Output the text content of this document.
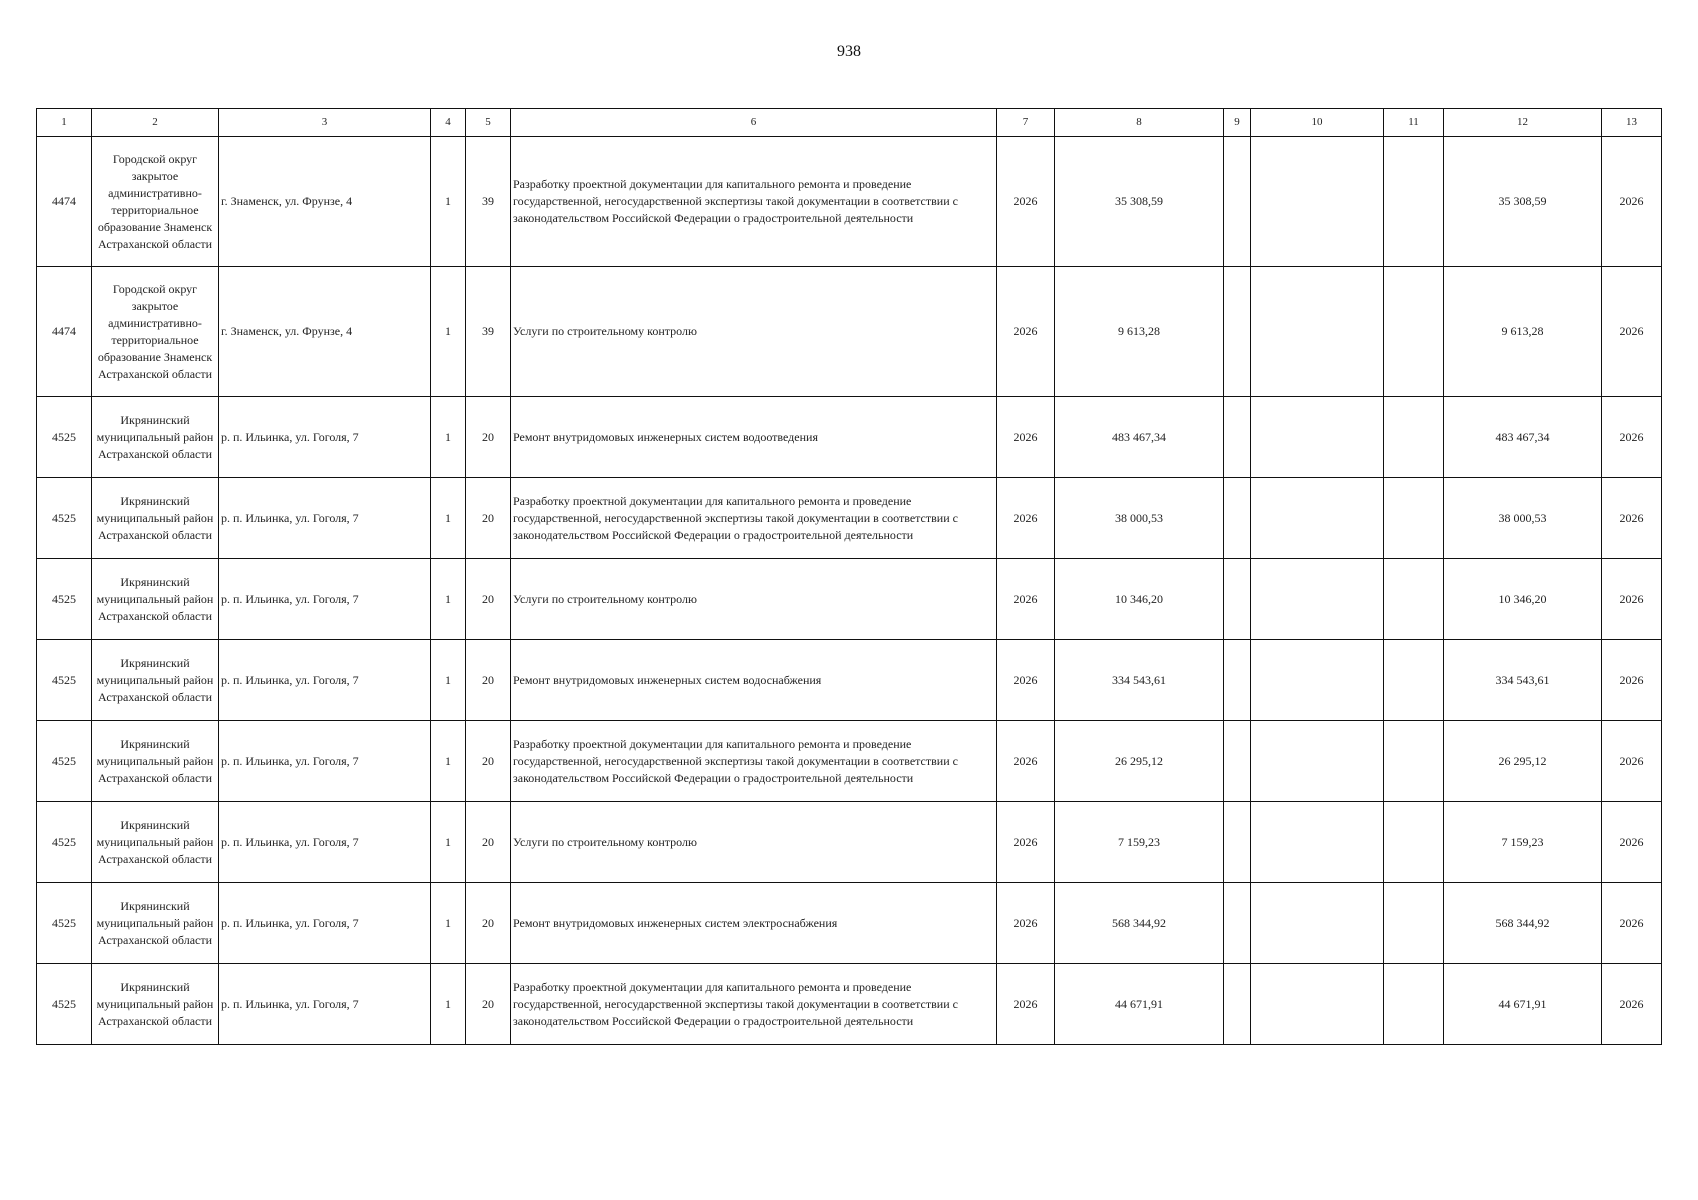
938
1	2	3	4	5	6	7	8	9	10	11	12	13
4474	Городской округ закрытое административно-территориальное образование Знаменск Астраханской области	г. Знаменск, ул. Фрунзе, 4	1	39	Разработку проектной документации для капитального ремонта и проведение государственной, негосударственной экспертизы такой документации в соответствии с законодательством Российской Федерации о градостроительной деятельности	2026	35 308,59				35 308,59	2026
4474	Городской округ закрытое административно-территориальное образование Знаменск Астраханской области	г. Знаменск, ул. Фрунзе, 4	1	39	Услуги по строительному контролю	2026	9 613,28				9 613,28	2026
4525	Икрянинский муниципальный район Астраханской области	р. п. Ильинка, ул. Гоголя, 7	1	20	Ремонт внутридомовых инженерных систем водоотведения	2026	483 467,34				483 467,34	2026
4525	Икрянинский муниципальный район Астраханской области	р. п. Ильинка, ул. Гоголя, 7	1	20	Разработку проектной документации для капитального ремонта и проведение государственной, негосударственной экспертизы такой документации в соответствии с законодательством Российской Федерации о градостроительной деятельности	2026	38 000,53				38 000,53	2026
4525	Икрянинский муниципальный район Астраханской области	р. п. Ильинка, ул. Гоголя, 7	1	20	Услуги по строительному контролю	2026	10 346,20				10 346,20	2026
4525	Икрянинский муниципальный район Астраханской области	р. п. Ильинка, ул. Гоголя, 7	1	20	Ремонт внутридомовых инженерных систем водоснабжения	2026	334 543,61				334 543,61	2026
4525	Икрянинский муниципальный район Астраханской области	р. п. Ильинка, ул. Гоголя, 7	1	20	Разработку проектной документации для капитального ремонта и проведение государственной, негосударственной экспертизы такой документации в соответствии с законодательством Российской Федерации о градостроительной деятельности	2026	26 295,12				26 295,12	2026
4525	Икрянинский муниципальный район Астраханской области	р. п. Ильинка, ул. Гоголя, 7	1	20	Услуги по строительному контролю	2026	7 159,23				7 159,23	2026
4525	Икрянинский муниципальный район Астраханской области	р. п. Ильинка, ул. Гоголя, 7	1	20	Ремонт внутридомовых инженерных систем электроснабжения	2026	568 344,92				568 344,92	2026
4525	Икрянинский муниципальный район Астраханской области	р. п. Ильинка, ул. Гоголя, 7	1	20	Разработку проектной документации для капитального ремонта и проведение государственной, негосударственной экспертизы такой документации в соответствии с законодательством Российской Федерации о градостроительной деятельности	2026	44 671,91				44 671,91	2026
